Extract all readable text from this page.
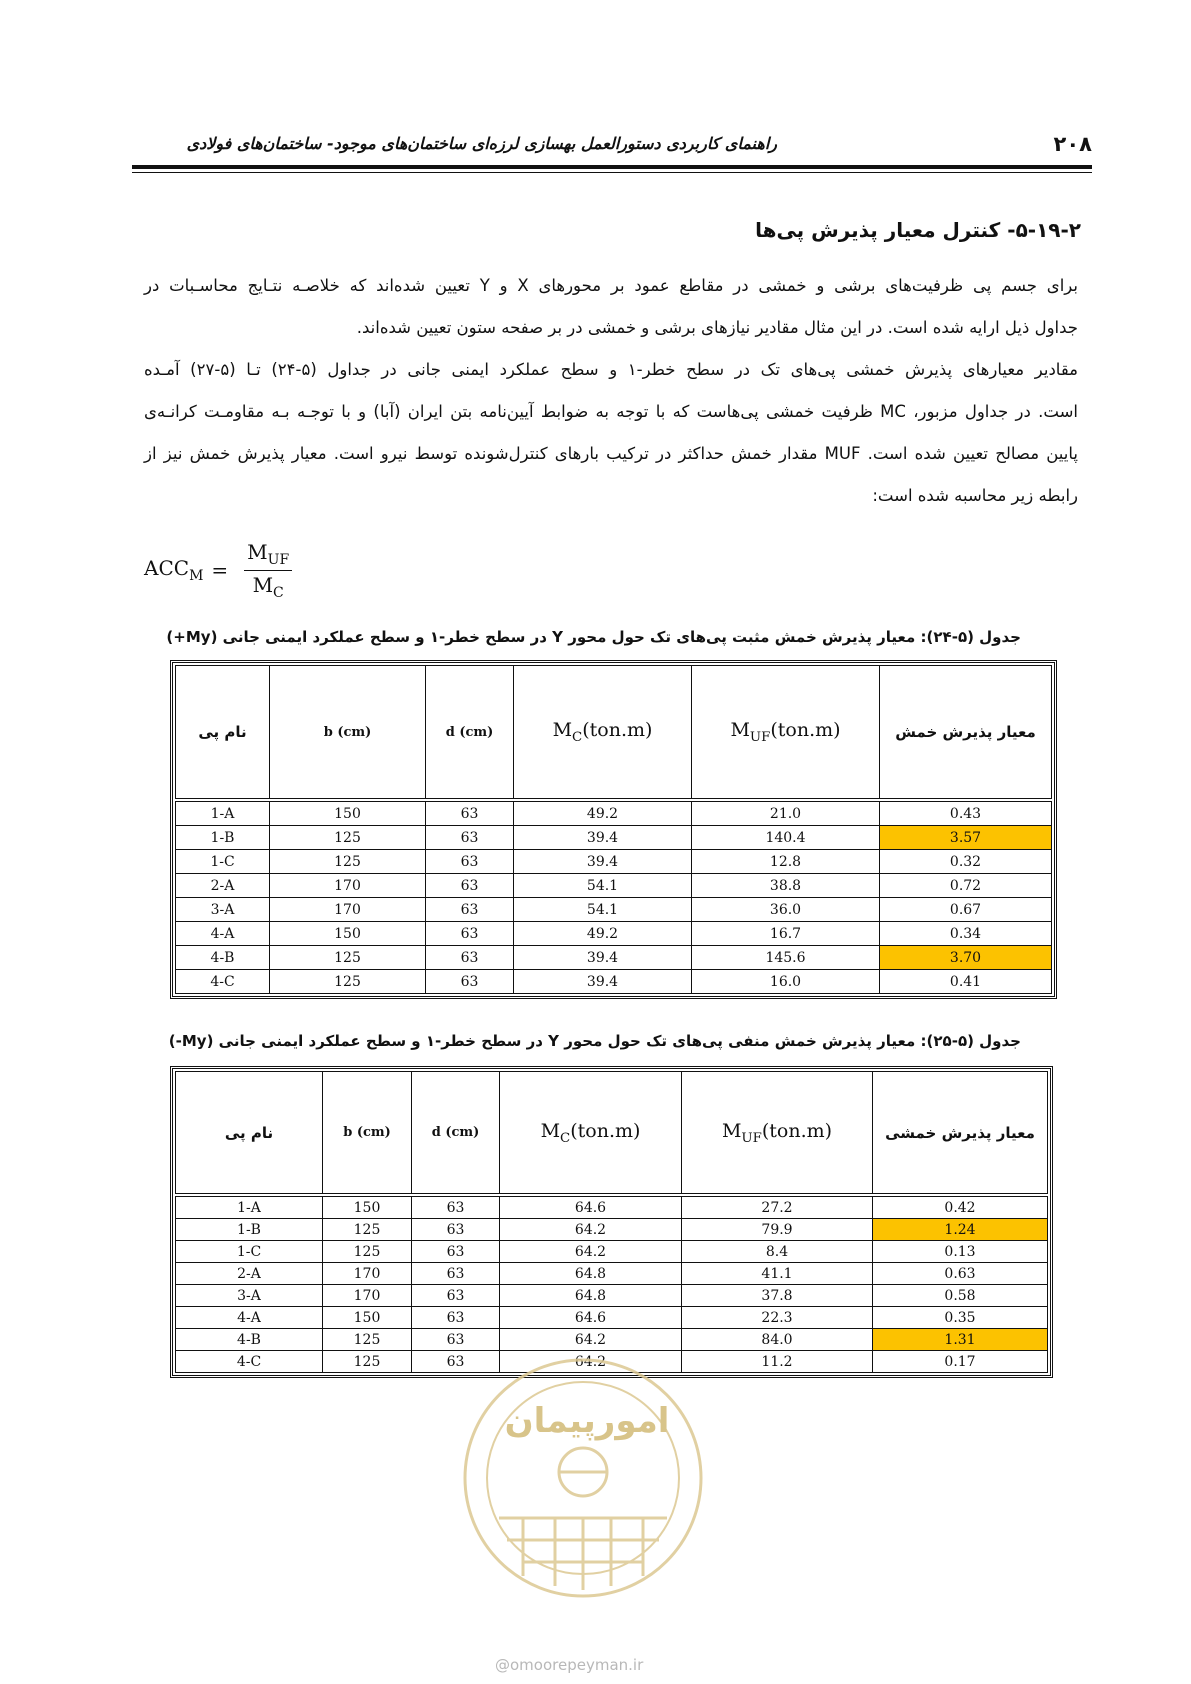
۲۰۸
راهنمای کاربردی دستورالعمل بهسازی لرزه‌ای ساختمان‌های موجود- ساختمان‌های فولادی
۵-۱۹-۲- کنترل معیار پذیرش پی‌ها
برای جسم پی ظرفیت‌های برشی و خمشی در مقاطع عمود بر محورهای X و Y تعیین شده‌اند که خلاصـه نتـایج محاسـبات در
جداول ذیل ارایه شده است. در این مثال مقادیر نیازهای برشی و خمشی در بر صفحه ستون تعیین شده‌اند.
مقادیر معیارهای پذیرش خمشی پی‌های تک در سطح خطر-۱ و سطح عملکرد ایمنی جانی در جداول (۵-۲۴) تـا (۵-۲۷) آمـده
است. در جداول مزبور، MC ظرفیت خمشی پی‌هاست که با توجه به ضوابط آیین‌نامه بتن ایران (آبا) و با توجـه بـه مقاومـت کرانـه‌ی
پایین مصالح تعیین شده است. MUF مقدار خمش حداکثر در ترکیب بارهای کنترل‌شونده توسط نیرو است. معیار پذیرش خمش نیز از
رابطه زیر محاسبه شده است:
$ACC_M = \frac{M_{UF}}{M_C}$
جدول (۵-۲۴): معیار پذیرش خمش مثبت پی‌های تک حول محور Y در سطح خطر-۱ و سطح عملکرد ایمنی جانی (My+)
نام پی	b (cm)	d (cm)	$M_C(ton.m)$	$M_{UF}(ton.m)$	معیار پذیرش خمش

1-A	150	63	49.2	21.0	0.43
1-B	125	63	39.4	140.4	3.57
1-C	125	63	39.4	12.8	0.32
2-A	170	63	54.1	38.8	0.72
3-A	170	63	54.1	36.0	0.67
4-A	150	63	49.2	16.7	0.34
4-B	125	63	39.4	145.6	3.70
4-C	125	63	39.4	16.0	0.41
جدول (۵-۲۵): معیار پذیرش خمش منفی پی‌های تک حول محور Y در سطح خطر-۱ و سطح عملکرد ایمنی جانی (My-)
نام پی	b (cm)	d (cm)	$M_C(ton.m)$	$M_{UF}(ton.m)$	معیار پذیرش خمشی

1-A	150	63	64.6	27.2	0.42
1-B	125	63	64.2	79.9	1.24
1-C	125	63	64.2	8.4	0.13
2-A	170	63	64.8	41.1	0.63
3-A	170	63	64.8	37.8	0.58
4-A	150	63	64.6	22.3	0.35
4-B	125	63	64.2	84.0	1.31
4-C	125	63	64.2	11.2	0.17
امورپیمان
@omoorepeyman.ir
